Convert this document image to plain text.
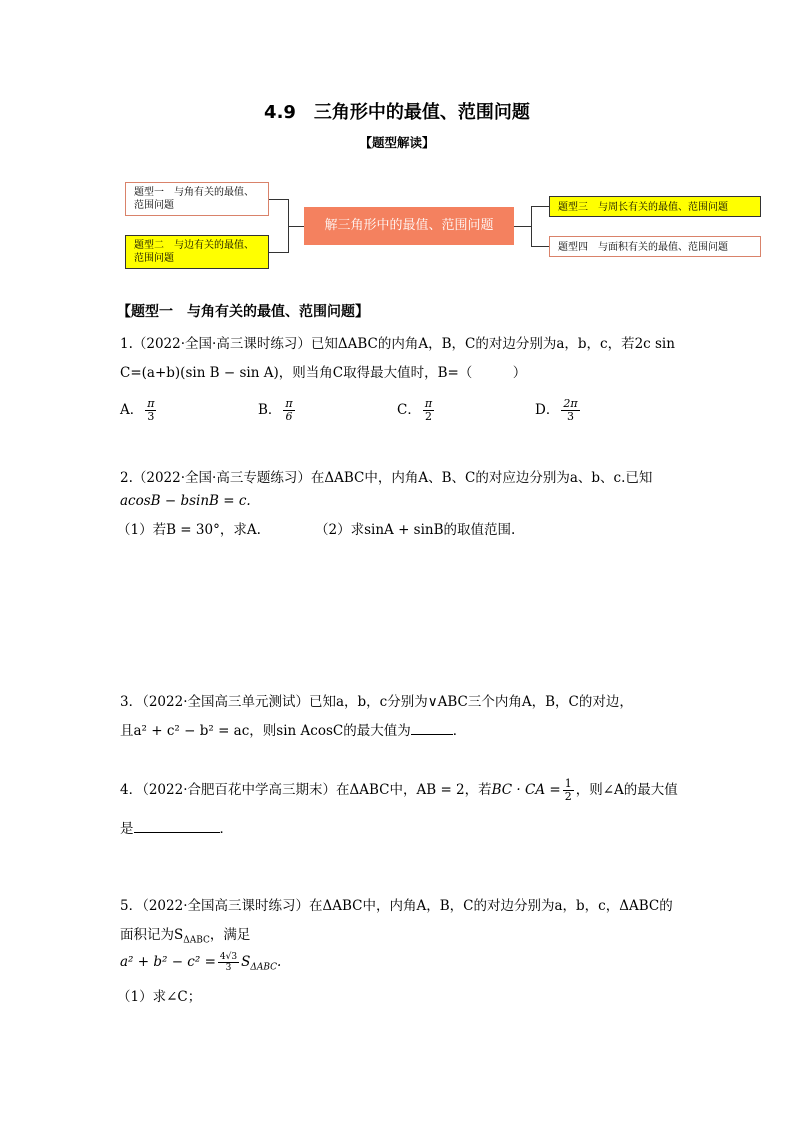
4.9　三角形中的最值、范围问题
【题型解读】
题型一　与角有关的最值、范围问题
题型二　与边有关的最值、范围问题
解三角形中的最值、范围问题
题型三　与周长有关的最值、范围问题
题型四　与面积有关的最值、范围问题
【题型一　与角有关的最值、范围问题】
1.（2022·全国·高三课时练习）已知ΔABC的内角A，B，C的对边分别为a，b，c，若2c sin
C=(a+b)(sin B − sin A)，则当角C取得最大值时，B=（　　　）
A． $\frac{\pi}{3}$	B． $\frac{\pi}{6}$	C． $\frac{\pi}{2}$	D． $\frac{2\pi}{3}$
2.（2022·全国·高三专题练习）在ΔABC中，内角A、B、C的对应边分别为a、b、c.已知
acosB − bsinB = c.
（1）若B = 30°，求A.	（2）求sinA + sinB的取值范围.
3．（2022·全国高三单元测试）已知a，b，c分别为∨ABC三个内角A，B，C的对边，
且a² + c² − b² = ac，则sin AcosC的最大值为	．
4．（2022·合肥百花中学高三期末）在ΔABC中，AB = 2，若BC · CA = $\frac{1}{2}$ ，则∠A的最大值
是	．
5．（2022·全国高三课时练习）在ΔABC中，内角A，B，C的对边分别为a，b，c，ΔABC的
面积记为$S_{\Delta ABC}$，满足
$a^2 + b^2 - c^2 = \frac{4√3}{3} S_{\Delta ABC}$.
（1）求∠C；
